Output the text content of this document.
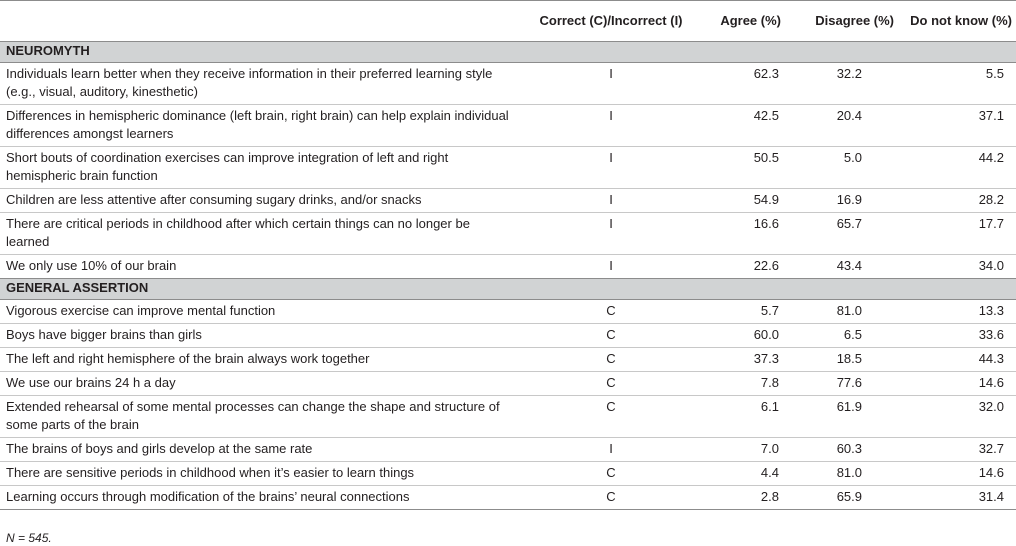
	Correct (C)/Incorrect (I)	Agree (%)	Disagree (%)	Do not know (%)
NEUROMYTH				
Individuals learn better when they receive information in their preferred learning style (e.g., visual, auditory, kinesthetic)	I	62.3	32.2	5.5
Differences in hemispheric dominance (left brain, right brain) can help explain individual differences amongst learners	I	42.5	20.4	37.1
Short bouts of coordination exercises can improve integration of left and right hemispheric brain function	I	50.5	5.0	44.2
Children are less attentive after consuming sugary drinks, and/or snacks	I	54.9	16.9	28.2
There are critical periods in childhood after which certain things can no longer be learned	I	16.6	65.7	17.7
We only use 10% of our brain	I	22.6	43.4	34.0
GENERAL ASSERTION				
Vigorous exercise can improve mental function	C	5.7	81.0	13.3
Boys have bigger brains than girls	C	60.0	6.5	33.6
The left and right hemisphere of the brain always work together	C	37.3	18.5	44.3
We use our brains 24 h a day	C	7.8	77.6	14.6
Extended rehearsal of some mental processes can change the shape and structure of some parts of the brain	C	6.1	61.9	32.0
The brains of boys and girls develop at the same rate	I	7.0	60.3	32.7
There are sensitive periods in childhood when it’s easier to learn things	C	4.4	81.0	14.6
Learning occurs through modification of the brains’ neural connections	C	2.8	65.9	31.4
N = 545.
